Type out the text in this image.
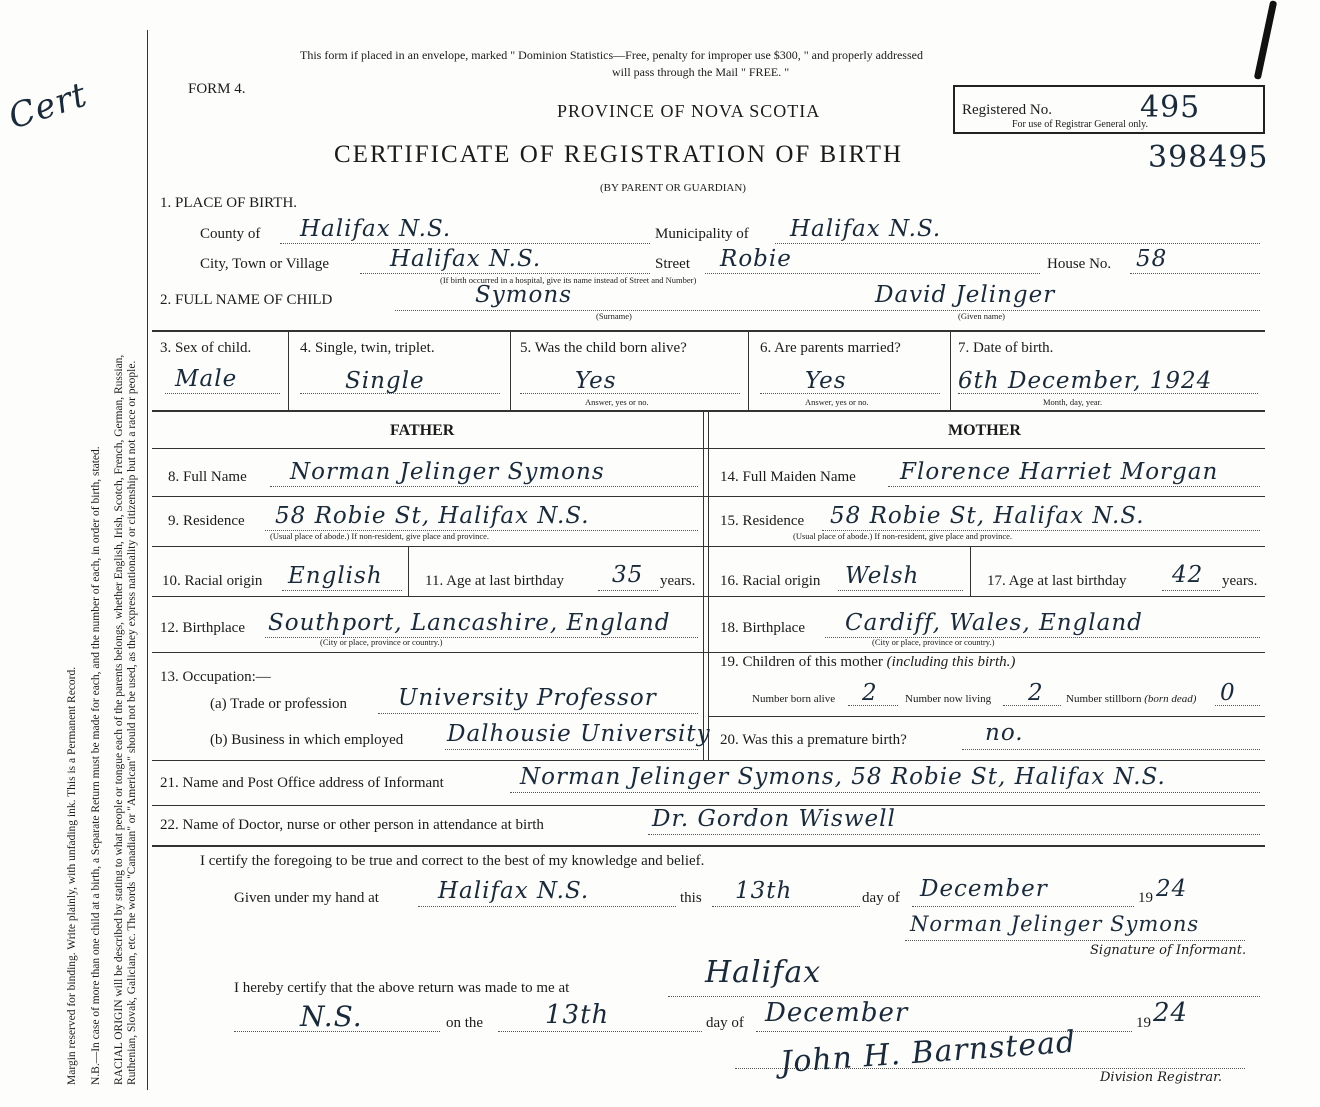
Margin reserved for binding. Write plainly, with unfading ink. This is a Permanent Record. N.B.—In case of more than one child at a birth, a Separate Return must be made for each, and the number of each, in order of birth, stated. RACIAL ORIGIN will be described by stating to what people or tongue each of the parents belongs, whether English, Irish, Scotch, French, German, Russian, Ruthenian, Slovak, Galician, etc. The words "Canadian" or "American" should not be used, as they express nationality or citizenship but not a race or people.
Cert
This form if placed in an envelope, marked " Dominion Statistics—Free, penalty for improper use $300, " and properly addressed
will pass through the Mail " FREE. "
FORM 4.
PROVINCE OF NOVA SCOTIA
CERTIFICATE OF REGISTRATION OF BIRTH
(BY PARENT OR GUARDIAN)
Registered No.	495
For use of Registrar General only.
398495
1. PLACE OF BIRTH.
County of Halifax N.S.	Municipality of Halifax N.S.
City, Town or Village	Halifax N.S.	Street Robie	House No. 58
(If birth occurred in a hospital, give its name instead of Street and Number)
2. FULL NAME OF CHILD	Symons
(Surname)
David Jelinger
(Given name)
3. Sex of child.
Male
4. Single, twin, triplet.
Single
5. Was the child born alive?
Yes
Answer, yes or no.
6. Are parents married?
Yes
Answer, yes or no.
7. Date of birth.
6th December, 1924
Month, day, year.
FATHER	MOTHER
8. Full Name Norman Jelinger Symons	14. Full Maiden Name Florence Harriet Morgan
9. Residence 58 Robie St, Halifax N.S.
(Usual place of abode.) If non-resident, give place and province.
15. Residence 58 Robie St, Halifax N.S.
(Usual place of abode.) If non-resident, give place and province.
10. Racial origin English	11. Age at last birthday 35 years. 16. Racial origin Welsh	17. Age at last birthday 42 years.
12. Birthplace Southport, Lancashire, England
(City or place, province or country.)
18. Birthplace Cardiff, Wales, England
(City or place, province or country.)
13. Occupation:—
(a) Trade or profession University Professor
(b) Business in which employed Dalhousie University
19. Children of this mother (including this birth.)
Number born alive 2 Number now living 2 Number stillborn (born dead) 0
20. Was this a premature birth?	no.
21. Name and Post Office address of Informant	Norman Jelinger Symons, 58 Robie St, Halifax N.S.
22. Name of Doctor, nurse or other person in attendance at birth	Dr. Gordon Wiswell
I certify the foregoing to be true and correct to the best of my knowledge and belief.
Given under my hand at	Halifax N.S.	this 13th	day of December	19 24
Norman Jelinger Symons
Signature of Informant.
I hereby certify that the above return was made to me at	Halifax
N.S.	on the 13th	day of December	19 24
John H. Barnstead Division Registrar.
